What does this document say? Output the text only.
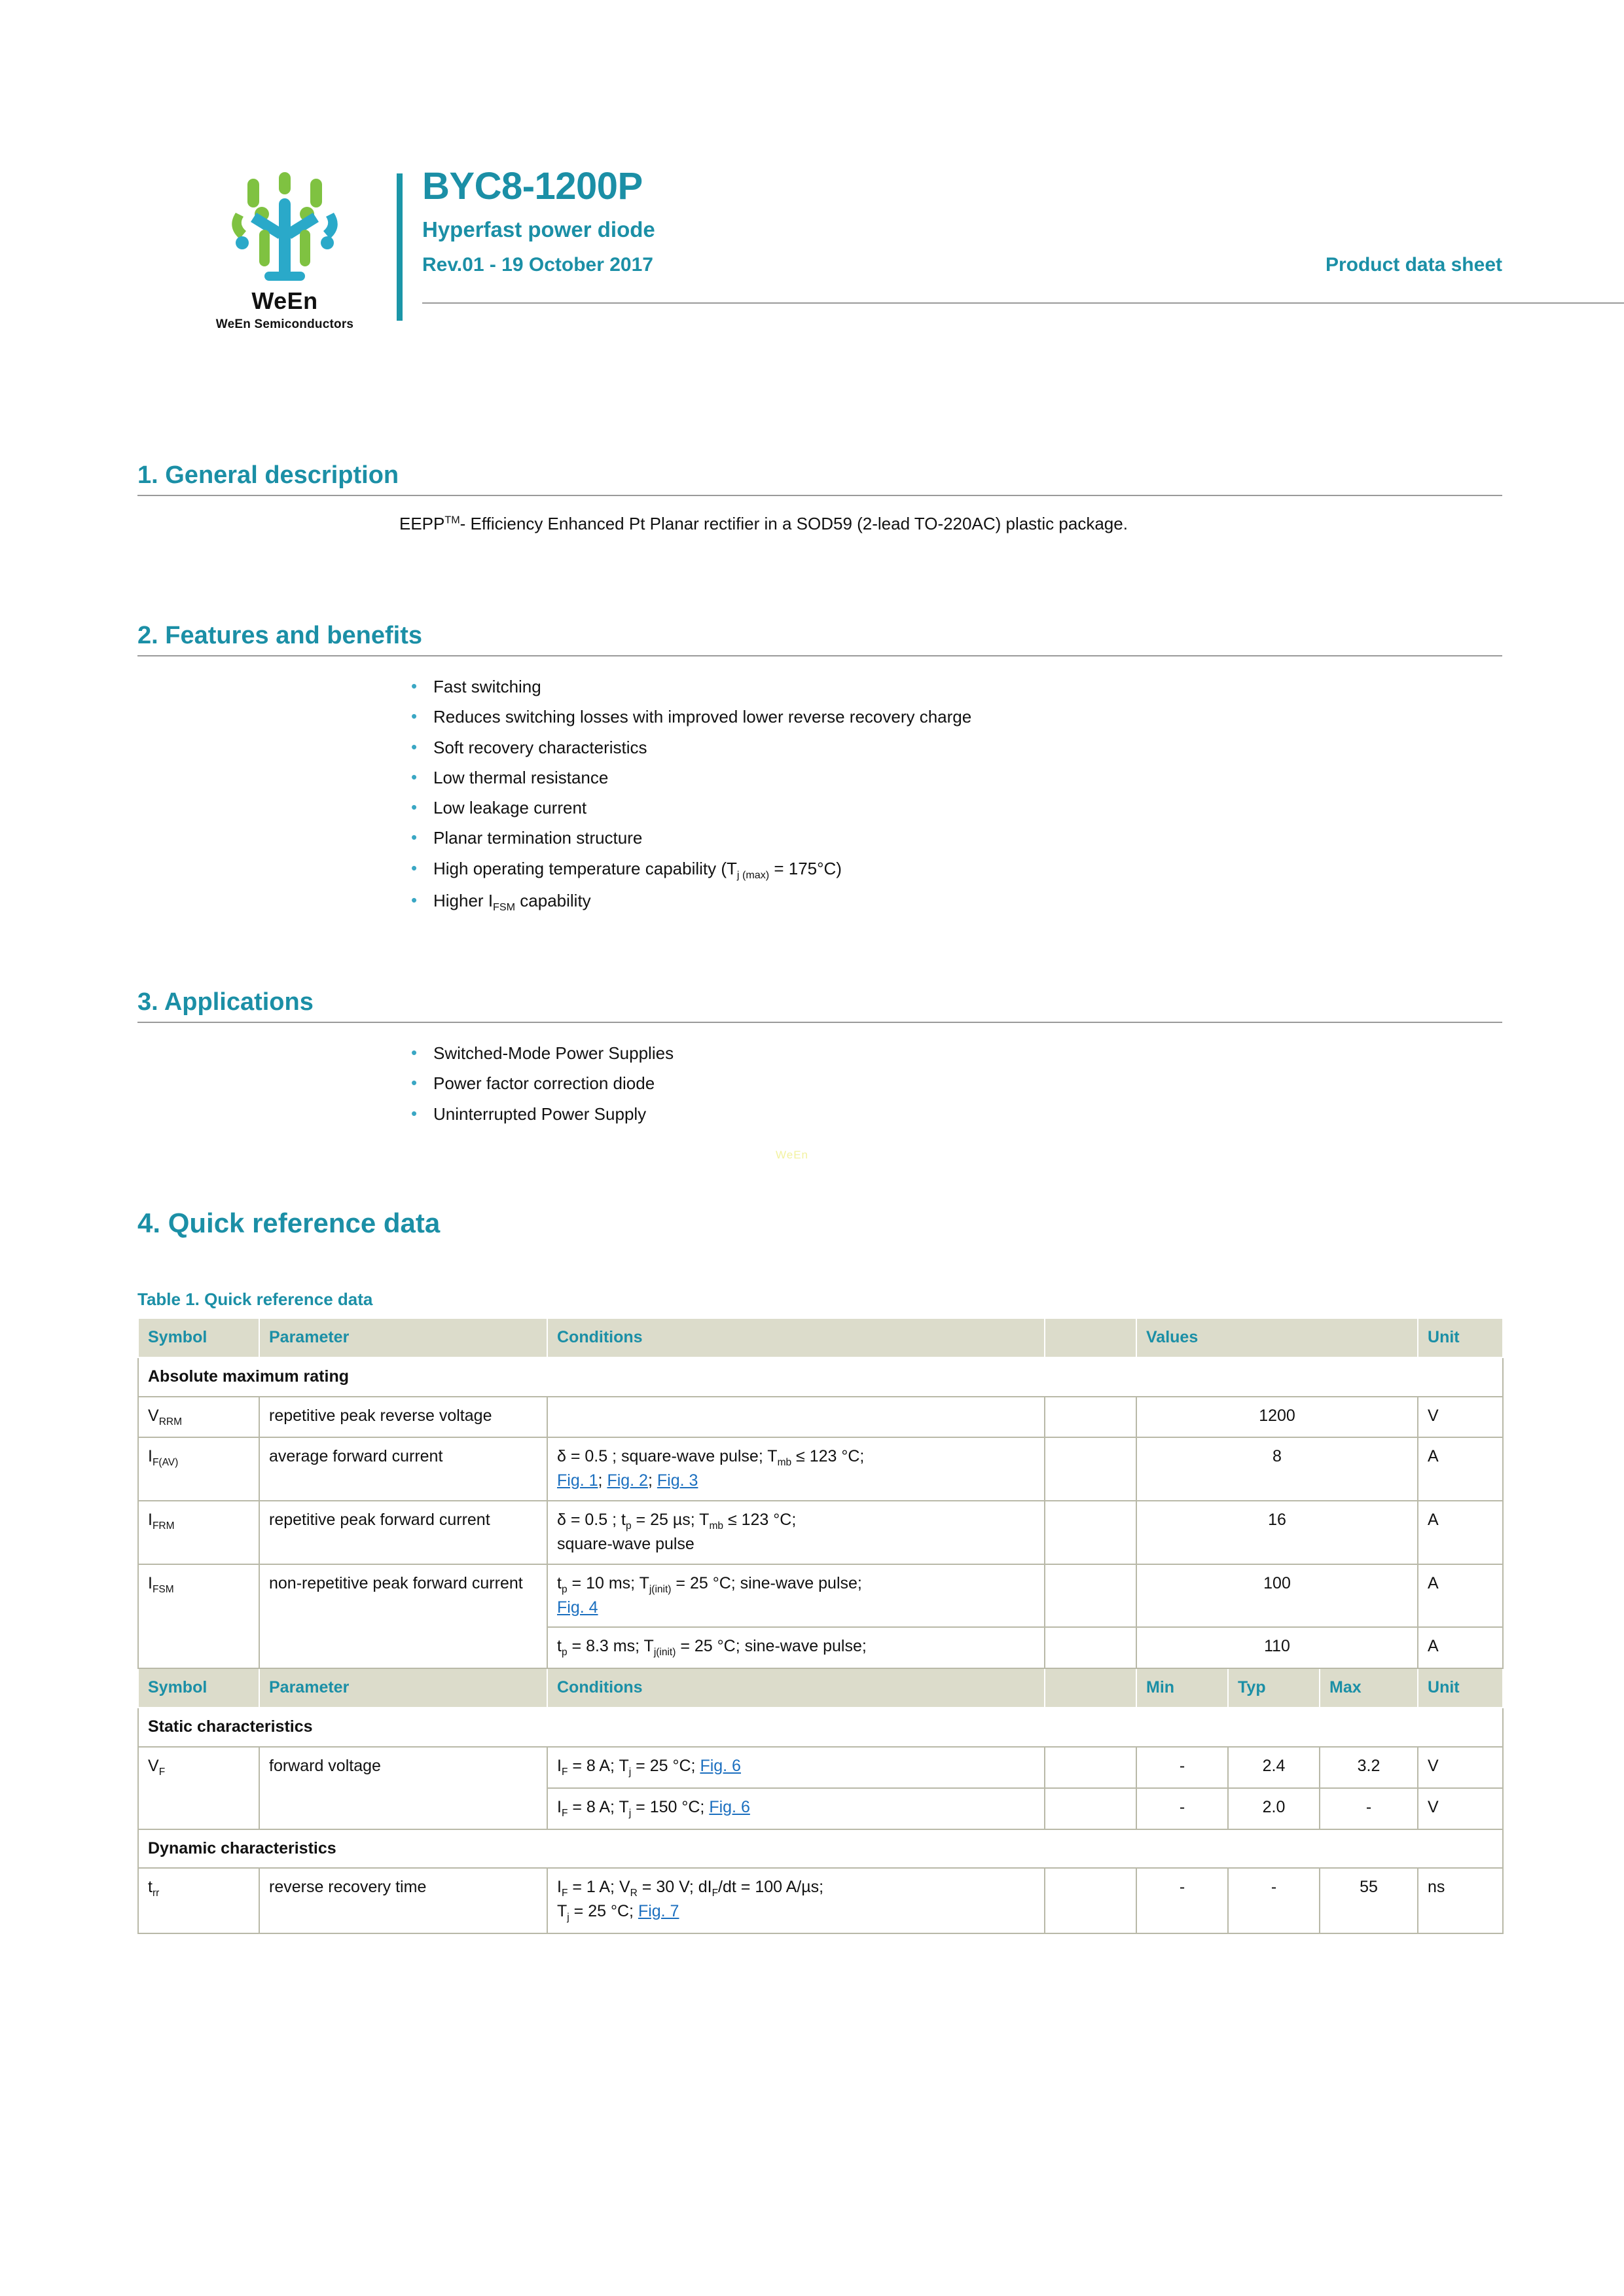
WeEn
WeEn Semiconductors
BYC8-1200P
Hyperfast power diode
Rev.01 - 19 October 2017	Product data sheet
1. General description
EEPP™- Efficiency Enhanced Pt Planar rectifier in a SOD59 (2-lead TO-220AC) plastic package.
2. Features and benefits
• Fast switching
• Reduces switching losses with improved lower reverse recovery charge
• Soft recovery characteristics
• Low thermal resistance
• Low leakage current
• Planar termination structure
• High operating temperature capability $(T_{j (max)} = 175^\circ C)$
• Higher $I_{FSM}$ capability
3. Applications
• Switched-Mode Power Supplies
• Power factor correction diode
• Uninterrupted Power Supply
WeEn
4. Quick reference data
Table 1. Quick reference data
Symbol	Parameter	Conditions		Values			Unit
Absolute maximum rating							
$V_{RRM}$	repetitive peak reverse voltage			1200			V
$I_{F(AV)}$	average forward current	δ = 0.5 ; square-wave pulse; $T_{mb} \le 123$ °C;
Fig. 1; Fig. 2; Fig. 3		8			A
$I_{FRM}$	repetitive peak forward current	δ = 0.5 ; $t_p = 25$ µs; $T_{mb} \le 123$ °C;
square-wave pulse		16			A
$I_{FSM}$	non-repetitive peak forward current	$t_p = 10$ ms; $T_{j(init)} = 25$ °C; sine-wave pulse;
Fig. 4		100			A
		$t_p = 8.3$ ms; $T_{j(init)} = 25$ °C; sine-wave pulse;		110			A
Symbol	Parameter	Conditions		Min	Typ	Max	Unit
Static characteristics							
$V_F$	forward voltage	$I_F = 8$ A; $T_j = 25$ °C; Fig. 6		-	2.4	3.2	V
		$I_F = 8$ A; $T_j = 150$ °C; Fig. 6		-	2.0	-	V
Dynamic characteristics							
$t_{rr}$	reverse recovery time	$I_F = 1$ A; $V_R = 30$ V; $dI_F/dt = 100$ A/µs;
$T_j = 25$ °C; Fig. 7		-	-	55	ns
